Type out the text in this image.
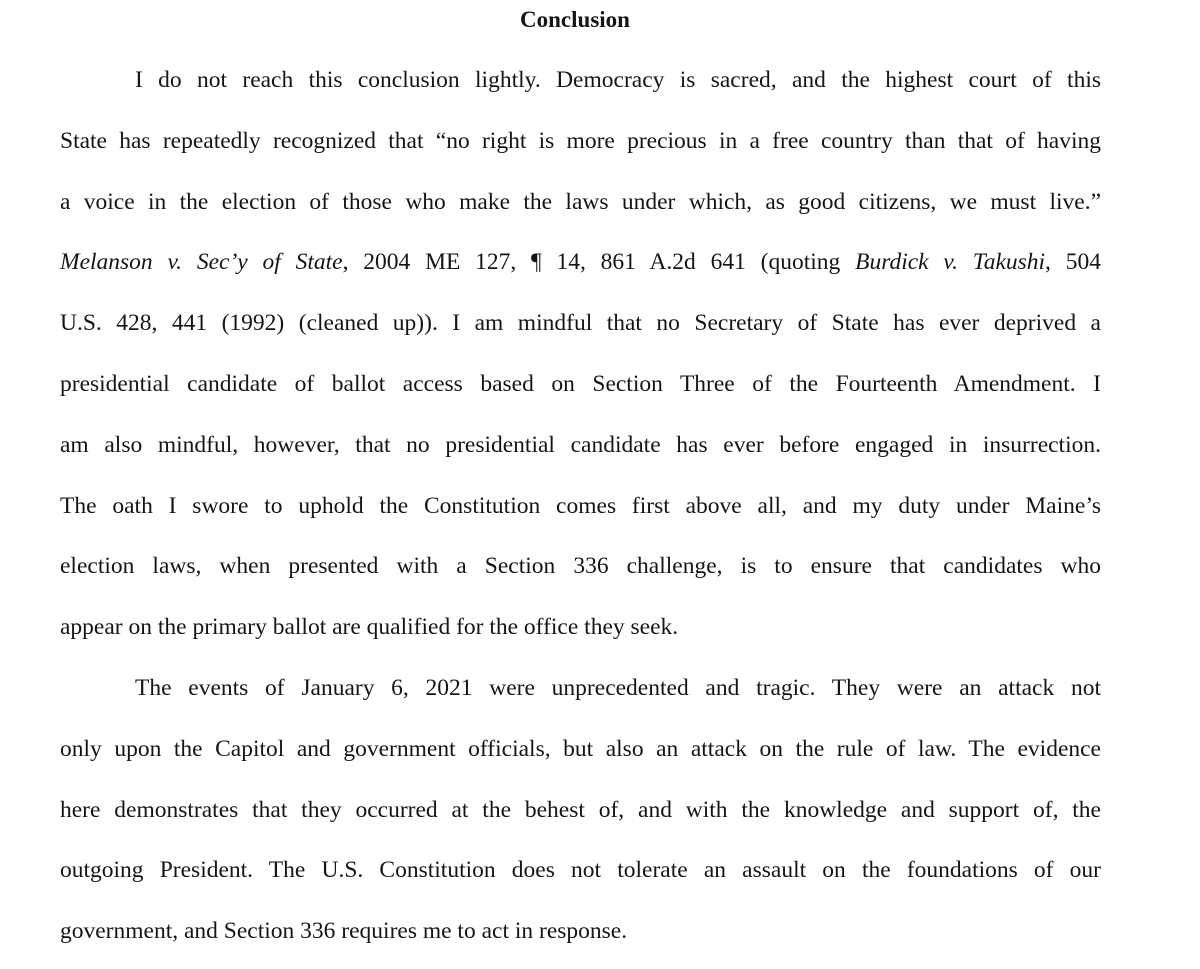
Conclusion
I do not reach this conclusion lightly. Democracy is sacred, and the highest court of this
State has repeatedly recognized that “no right is more precious in a free country than that of having
a voice in the election of those who make the laws under which, as good citizens, we must live.”
Melanson v. Sec’y of State, 2004 ME 127, ¶ 14, 861 A.2d 641 (quoting Burdick v. Takushi, 504
U.S. 428, 441 (1992) (cleaned up)). I am mindful that no Secretary of State has ever deprived a
presidential candidate of ballot access based on Section Three of the Fourteenth Amendment. I
am also mindful, however, that no presidential candidate has ever before engaged in insurrection.
The oath I swore to uphold the Constitution comes first above all, and my duty under Maine’s
election laws, when presented with a Section 336 challenge, is to ensure that candidates who
appear on the primary ballot are qualified for the office they seek.
The events of January 6, 2021 were unprecedented and tragic. They were an attack not
only upon the Capitol and government officials, but also an attack on the rule of law. The evidence
here demonstrates that they occurred at the behest of, and with the knowledge and support of, the
outgoing President. The U.S. Constitution does not tolerate an assault on the foundations of our
government, and Section 336 requires me to act in response.
